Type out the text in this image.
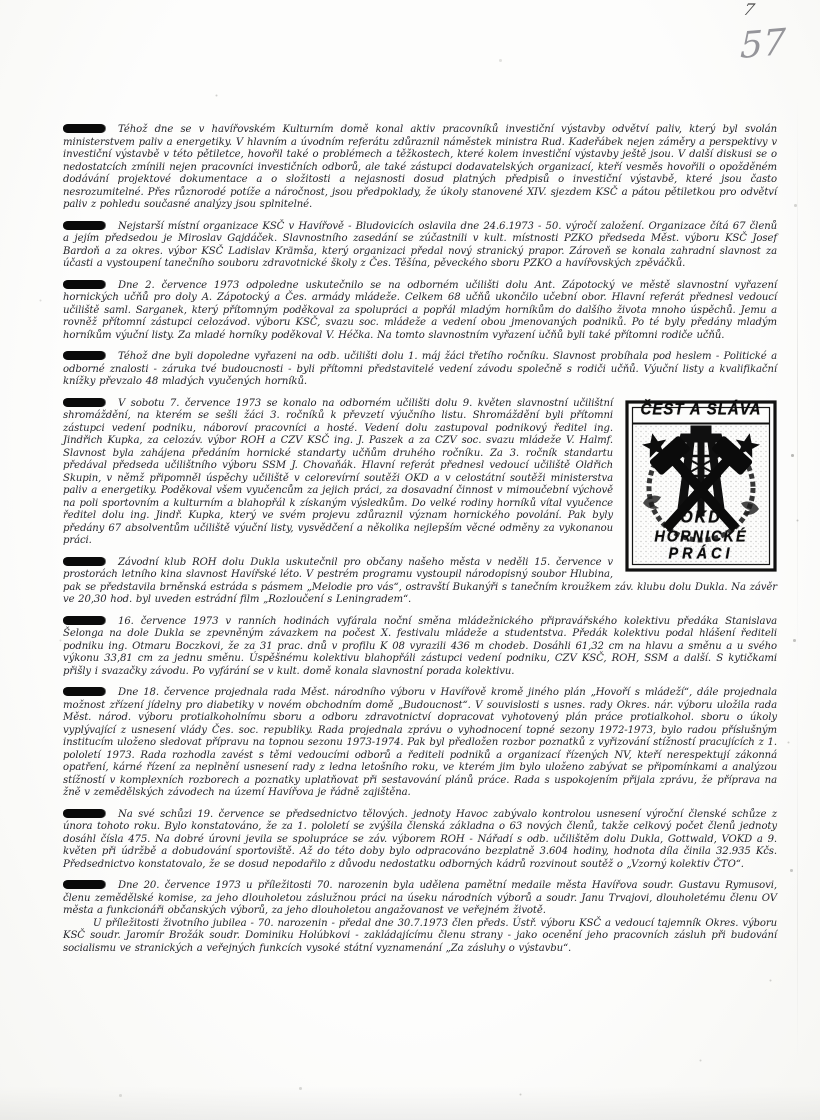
7
57

Téhož dne se v havířovském Kulturním domě konal aktiv pracovníků investiční výstavby odvětví paliv, který byl svolán ministerstvem paliv a energetiky. V hlavním a úvodním referátu zdůraznil náměstek ministra Rud. Kadeřábek nejen záměry a perspektivy v investiční výstavbě v této pětiletce, hovořil také o problémech a těžkostech, které kolem investiční výstavby ještě jsou. V další diskusi se o nedostatcích zmínili nejen pracovníci investičních odborů, ale také zástupci dodavatelských organizací, kteří vesměs hovořili o opožděném dodávání projektové dokumentace a o složitosti a nejasnosti dosud platných předpisů o investiční výstavbě, které jsou často nesrozumitelné. Přes různorodé potíže a náročnost, jsou předpoklady, že úkoly stanovené XIV. sjezdem KSČ a pátou pětiletkou pro odvětví paliv z pohledu současné analýzy jsou splnitelné.

Nejstarší místní organizace KSČ v Havířově - Bludovicích oslavila dne 24.6.1973 - 50. výročí založení. Organizace čítá 67 členů a jejím předsedou je Miroslav Gajdáček. Slavnostního zasedání se zúčastnili v kult. místnosti PZKO předseda Měst. výboru KSČ Josef Bardoň a za okres. výbor KSČ Ladislav Krämša, který organizaci předal nový stranický prapor. Zároveň se konala zahradní slavnost za účasti a vystoupení tanečního souboru zdravotnické školy z Čes. Těšína, pěveckého sboru PZKO a havířovských zpěváčků.

Dne 2. července 1973 odpoledne uskutečnilo se na odborném učilišti dolu Ant. Zápotocký ve městě slavnostní vyřazení hornických učňů pro doly A. Zápotocký a Čes. armády mládeže. Celkem 68 učňů ukončilo učební obor. Hlavní referát přednesl vedoucí učiliště saml. Sarganek, který přítomným poděkoval za spolupráci a popřál mladým horníkům do dalšího života mnoho úspěchů. Jemu a rovněž přítomní zástupci celozávod. výboru KSČ, svazu soc. mládeže a vedení obou jmenovaných podniků. Po té byly předány mladým horníkům výuční listy. Za mladé horníky poděkoval V. Héčka. Na tomto slavnostním vyřazení učňů byli také přítomni rodiče učňů.

Téhož dne byli dopoledne vyřazeni na odb. učilišti dolu 1. máj žáci třetího ročníku. Slavnost probíhala pod heslem - Politické a odborné znalosti - záruka tvé budoucnosti - byli přítomni představitelé vedení závodu společně s rodiči učňů. Výuční listy a kvalifikační knížky převzalo 48 mladých vyučených horníků.

ČEST A SLÁVA
OKD
HORNICKÉ
PRÁCI

V sobotu 7. července 1973 se konalo na odborném učilišti dolu 9. květen slavnostní učilištní shromáždění, na kterém se sešli žáci 3. ročníků k převzetí výučního listu. Shromáždění byli přítomni zástupci vedení podniku, náboroví pracovníci a hosté. Vedení dolu zastupoval podnikový ředitel ing. Jindřich Kupka, za celozáv. výbor ROH a CZV KSČ ing. J. Paszek a za CZV soc. svazu mládeže V. Halmf. Slavnost byla zahájena předáním hornické standarty učňům druhého ročníku. Za 3. ročník standartu předával předseda učilištního výboru SSM J. Chovaňák. Hlavní referát přednesl vedoucí učiliště Oldřich Skupin, v němž připomněl úspěchy učiliště v celorevírní soutěži OKD a v celostátní soutěži ministerstva paliv a energetiky. Poděkoval všem vyučencům za jejich práci, za dosavadní činnost v mimoučební výchově na poli sportovním a kulturním a blahopřál k získaným výsledkům. Do velké rodiny horníků vítal vyučence ředitel dolu ing. Jindř. Kupka, který ve svém projevu zdůraznil význam hornického povolání. Pak byly předány 67 absolventům učiliště výuční listy, vysvědčení a několika nejlepším věcné odměny za vykonanou práci.

Závodní klub ROH dolu Dukla uskutečnil pro občany našeho města v neděli 15. července v prostorách letního kina slavnost Havířské léto. V pestrém programu vystoupil národopisný soubor Hlubina, pak se představila brněnská estráda s pásmem „Melodie pro vás“, ostravští Bukanýři s tanečním kroužkem záv. klubu dolu Dukla. Na závěr ve 20,30 hod. byl uveden estrádní film „Rozloučení s Leningradem“.

16. července 1973 v ranních hodinách vyfárala noční směna mládežnického připravářského kolektivu předáka Stanislava Šelonga na dole Dukla se zpevněným závazkem na počest X. festivalu mládeže a studentstva. Předák kolektivu podal hlášení řediteli podniku ing. Otmaru Boczkovi, že za 31 prac. dnů v profilu K 08 vyrazili 436 m chodeb. Dosáhli 61,32 cm na hlavu a směnu a u svého výkonu 33,81 cm za jednu směnu. Úspěšnému kolektivu blahopřáli zástupci vedení podniku, CZV KSČ, ROH, SSM a další. S kytičkami přišly i svazačky závodu. Po vyfárání se v kult. domě konala slavnostní porada kolektivu.

Dne 18. července projednala rada Měst. národního výboru v Havířově kromě jiného plán „Hovoří s mládeží“, dále projednala možnost zřízení jídelny pro diabetiky v novém obchodním domě „Budoucnost“. V souvislosti s usnes. rady Okres. nár. výboru uložila rada Měst. národ. výboru protialkoholnímu sboru a odboru zdravotnictví dopracovat vyhotovený plán práce protialkohol. sboru o úkoly vyplývající z usnesení vlády Čes. soc. republiky. Rada projednala zprávu o vyhodnocení topné sezony 1972-1973, bylo radou příslušným institucím uloženo sledovat přípravu na topnou sezonu 1973-1974. Pak byl předložen rozbor poznatků z vyřizování stížností pracujících z 1. pololetí 1973. Rada rozhodla zavést s těmi vedoucími odborů a řediteli podniků a organizací řízených NV, kteří nerespektují zákonná opatření, kárné řízení za neplnění usnesení rady z ledna letošního roku, ve kterém jim bylo uloženo zabývat se připomínkami a analýzou stížností v komplexních rozborech a poznatky uplatňovat při sestavování plánů práce. Rada s uspokojením přijala zprávu, že příprava na žně v zemědělských závodech na území Havířova je řádně zajištěna.

Na své schůzi 19. července se předsednictvo tělových. jednoty Havoc zabývalo kontrolou usnesení výroční členské schůze z února tohoto roku. Bylo konstatováno, že za 1. pololetí se zvýšila členská základna o 63 nových členů, takže celkový počet členů jednoty dosáhl čísla 475. Na dobré úrovni jevila se spolupráce se záv. výborem ROH - Nářadí s odb. učilištěm dolu Dukla, Gottwald, VOKD a 9. květen při údržbě a dobudování sportoviště. Až do této doby bylo odpracováno bezplatně 3.604 hodiny, hodnota díla činila 32.935 Kčs. Předsednictvo konstatovalo, že se dosud nepodařilo z důvodu nedostatku odborných kádrů rozvinout soutěž o „Vzorný kolektiv ČTO“.

Dne 20. července 1973 u příležitosti 70. narozenin byla udělena pamětní medaile města Havířova soudr. Gustavu Rymusovi, členu zemědělské komise, za jeho dlouholetou záslužnou práci na úseku národních výborů a soudr. Janu Trvajovi, dlouholetému členu OV města a funkcionáři občanských výborů, za jeho dlouholetou angažovanost ve veřejném životě.

U příležitosti životního jubilea - 70. narozenin - předal dne 30.7.1973 člen předs. Ústř. výboru KSČ a vedoucí tajemník Okres. výboru KSČ soudr. Jaromír Brožák soudr. Dominiku Holúbkovi - zakládajícímu členu strany - jako ocenění jeho pracovních zásluh při budování socialismu ve stranických a veřejných funkcích vysoké státní vyznamenání „Za zásluhy o výstavbu“.
